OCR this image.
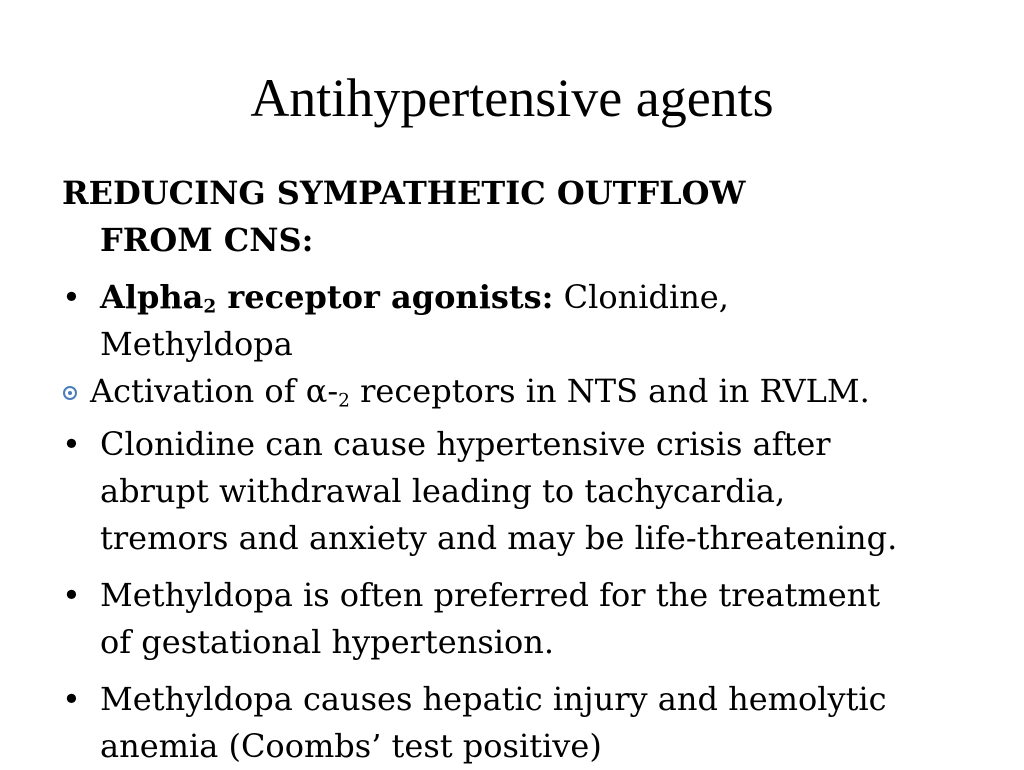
Antihypertensive agents
REDUCING SYMPATHETIC OUTFLOW
FROM CNS:
• Alpha$_2$ receptor agonists: Clonidine,
Methyldopa
Activation of $\alpha-_2$ receptors in NTS and in RVLM.
• Clonidine can cause hypertensive crisis after
abrupt withdrawal leading to tachycardia,
tremors and anxiety and may be life-threatening.
• Methyldopa is often preferred for the treatment
of gestational hypertension.
• Methyldopa causes hepatic injury and hemolytic
anemia (Coombs’ test positive)
